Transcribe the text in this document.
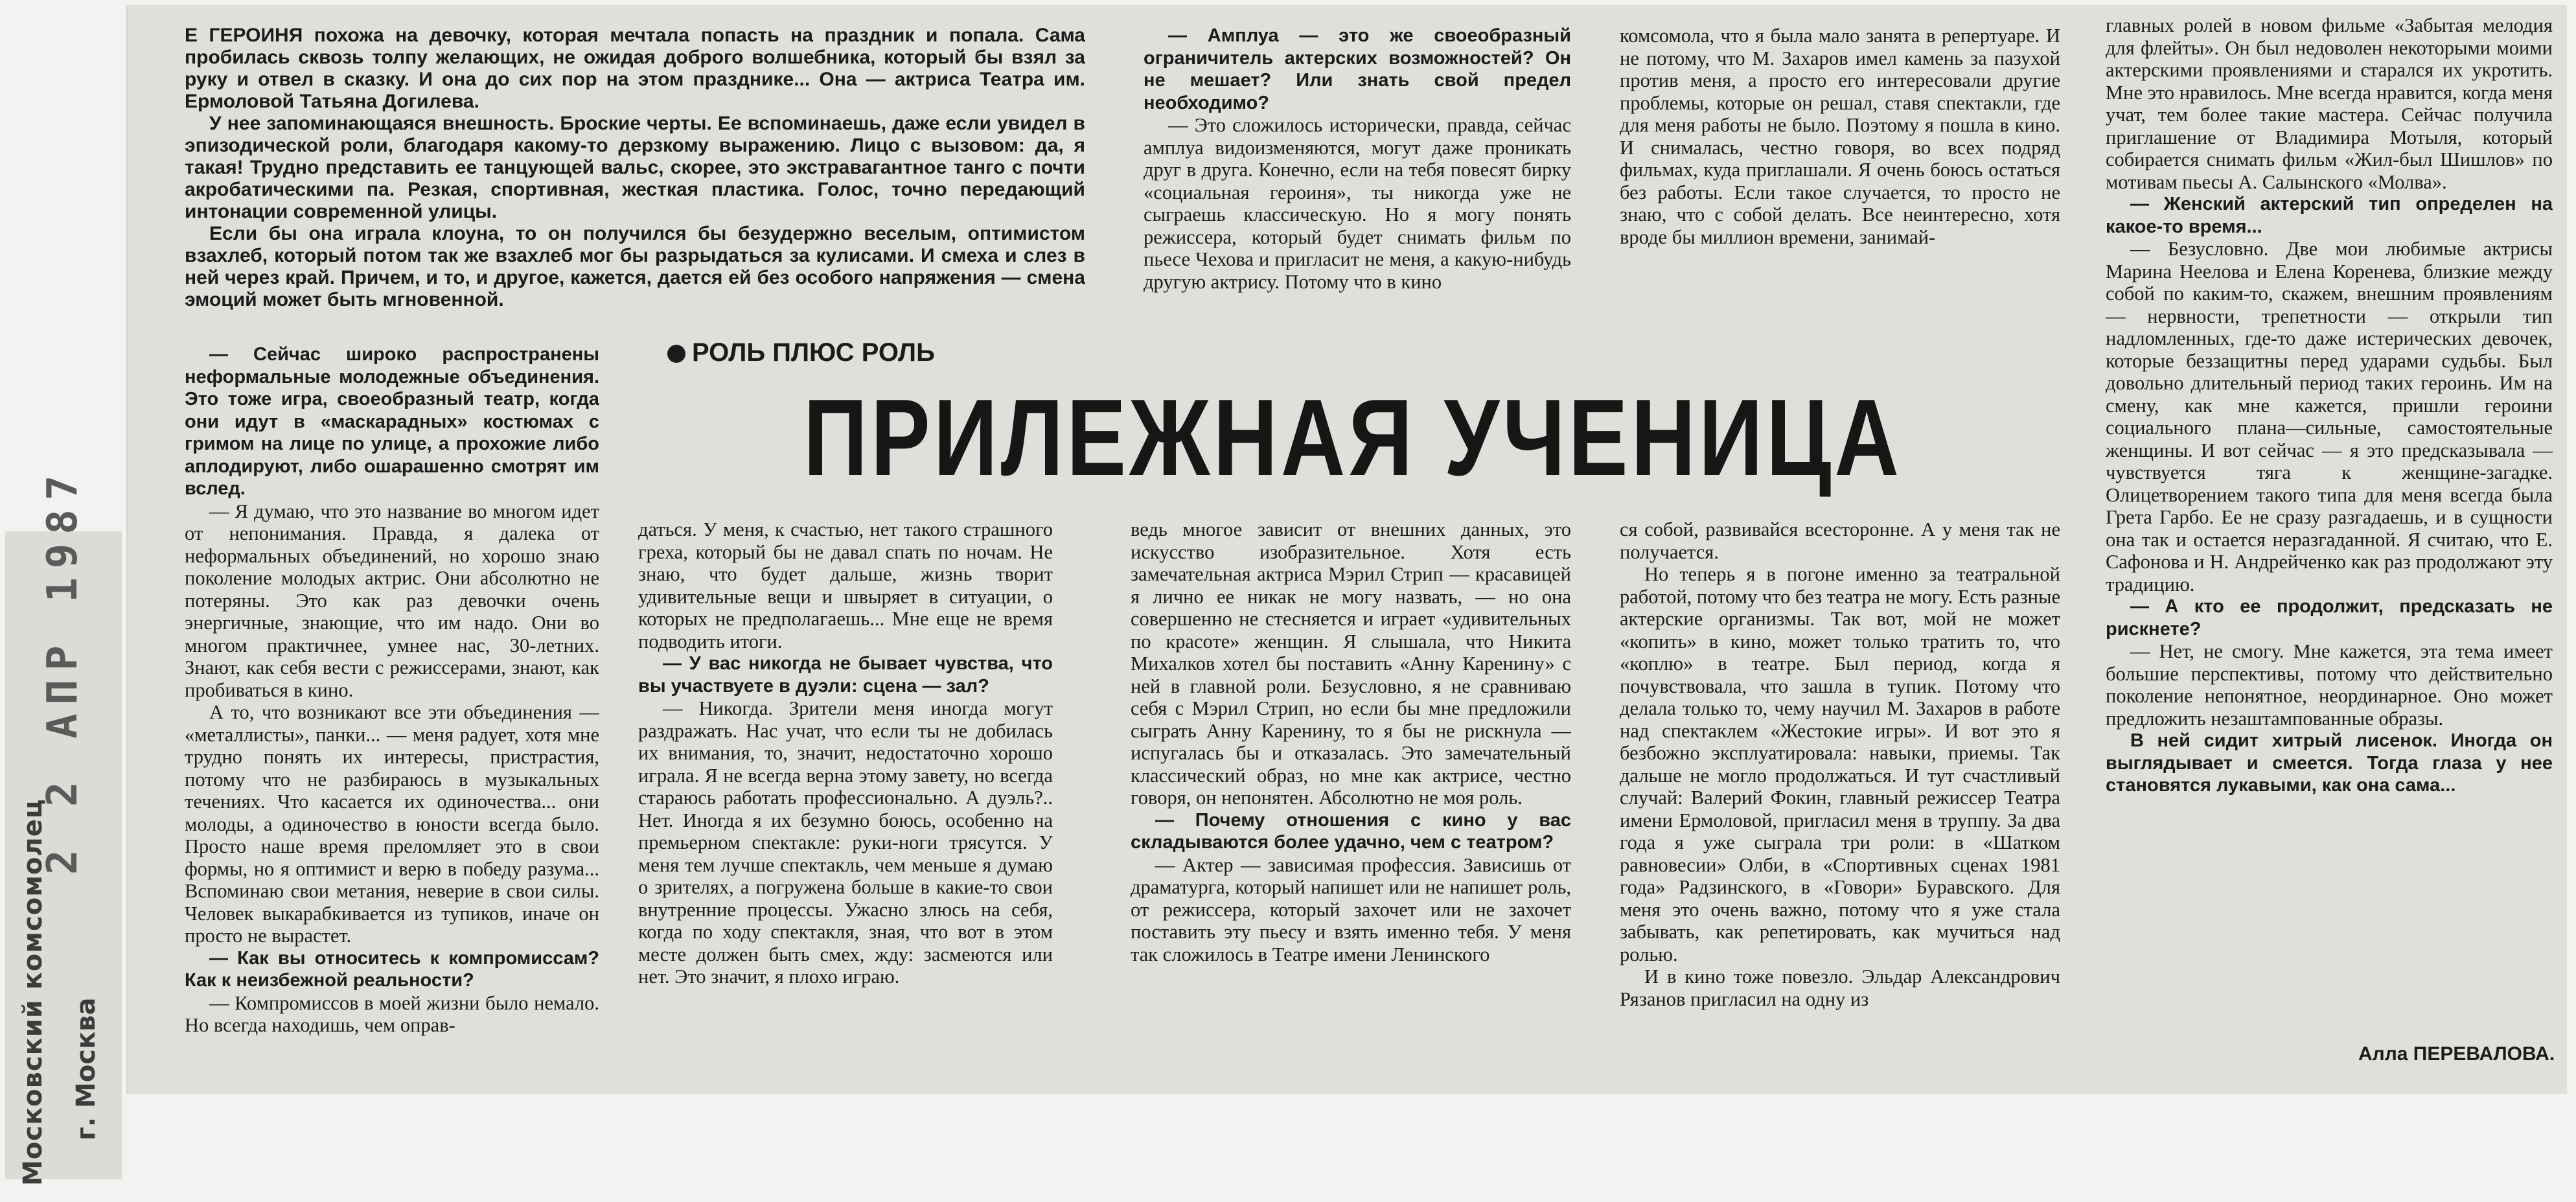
2 2 АПР 1987
Московский комсомолец г. Москва

Е ГЕРОИНЯ похожа на девочку, которая мечтала попасть на праздник и попала. Сама пробилась сквозь толпу желающих, не ожидая доброго волшебника, который бы взял за руку и отвел в сказку. И она до сих пор на этом празднике... Она — актриса Театра им. Ермоловой Татьяна Догилева.

У нее запоминающаяся внешность. Броские черты. Ее вспоминаешь, даже если увидел в эпизодической роли, благодаря какому-то дерзкому выражению. Лицо с вызовом: да, я такая! Трудно представить ее танцующей вальс, скорее, это экстравагантное танго с почти акробатическими па. Резкая, спортивная, жесткая пластика. Голос, точно передающий интонации современной улицы.

Если бы она играла клоуна, то он получился бы безудержно веселым, оптимистом взахлеб, который потом так же взахлеб мог бы разрыдаться за кулисами. И смеха и слез в ней через край. Причем, и то, и другое, кажется, дается ей без особого напряжения — смена эмоций может быть мгновенной.

— Сейчас широко распространены неформальные молодежные объединения. Это тоже игра, своеобразный театр, когда они идут в «маскарадных» костюмах с гримом на лице по улице, а прохожие либо аплодируют, либо ошарашенно смотрят им вслед.

— Я думаю, что это название во многом идет от непонимания. Правда, я далека от неформальных объединений, но хорошо знаю поколение молодых актрис. Они абсолютно не потеряны. Это как раз девочки очень энергичные, знающие, что им надо. Они во многом практичнее, умнее нас, 30-летних. Знают, как себя вести с режиссерами, знают, как пробиваться в кино.

А то, что возникают все эти объединения — «металлисты», панки... — меня радует, хотя мне трудно понять их интересы, пристрастия, потому что не разбираюсь в музыкальных течениях. Что касается их одиночества... они молоды, а одиночество в юности всегда было. Просто наше время преломляет это в свои формы, но я оптимист и верю в победу разума... Вспоминаю свои метания, неверие в свои силы. Человек выкарабкивается из тупиков, иначе он просто не вырастет.

— Как вы относитесь к компромиссам? Как к неизбежной реальности?

— Компромиссов в моей жизни было немало. Но всегда находишь, чем оправ-

РОЛЬ ПЛЮС РОЛЬ
ПРИЛЕЖНАЯ УЧЕНИЦА

даться. У меня, к счастью, нет такого страшного греха, который бы не давал спать по ночам. Не знаю, что будет дальше, жизнь творит удивительные вещи и швыряет в ситуации, о которых не предполагаешь... Мне еще не время подводить итоги.

— У вас никогда не бывает чувства, что вы участвуете в дуэли: сцена — зал?

— Никогда. Зрители меня иногда могут раздражать. Нас учат, что если ты не добилась их внимания, то, значит, недостаточно хорошо играла. Я не всегда верна этому завету, но всегда стараюсь работать профессионально. А дуэль?.. Нет. Иногда я их безумно боюсь, особенно на премьерном спектакле: руки-ноги трясутся. У меня тем лучше спектакль, чем меньше я думаю о зрителях, а погружена больше в какие-то свои внутренние процессы. Ужасно злюсь на себя, когда по ходу спектакля, зная, что вот в этом месте должен быть смех, жду: засмеются или нет. Это значит, я плохо играю.

— Амплуа — это же своеобразный ограничитель актерских возможностей? Он не мешает? Или знать свой предел необходимо?

— Это сложилось исторически, правда, сейчас амплуа видоизменяются, могут даже проникать друг в друга. Конечно, если на тебя повесят бирку «социальная героиня», ты никогда уже не сыграешь классическую. Но я могу понять режиссера, который будет снимать фильм по пьесе Чехова и пригласит не меня, а какую-нибудь другую актрису. Потому что в кино

ведь многое зависит от внешних данных, это искусство изобразительное. Хотя есть замечательная актриса Мэрил Стрип — красавицей я лично ее никак не могу назвать, — но она совершенно не стесняется и играет «удивительных по красоте» женщин. Я слышала, что Никита Михалков хотел бы поставить «Анну Каренину» с ней в главной роли. Безусловно, я не сравниваю себя с Мэрил Стрип, но если бы мне предложили сыграть Анну Каренину, то я бы не рискнула — испугалась бы и отказалась. Это замечательный классический образ, но мне как актрисе, честно говоря, он непонятен. Абсолютно не моя роль.

— Почему отношения с кино у вас складываются более удачно, чем с театром?

— Актер — зависимая профессия. Зависишь от драматурга, который напишет или не напишет роль, от режиссера, который захочет или не захочет поставить эту пьесу и взять именно тебя. У меня так сложилось в Театре имени Ленинского

комсомола, что я была мало занята в репертуаре. И не потому, что М. Захаров имел камень за пазухой против меня, а просто его интересовали другие проблемы, которые он решал, ставя спектакли, где для меня работы не было. Поэтому я пошла в кино. И снималась, честно говоря, во всех подряд фильмах, куда приглашали. Я очень боюсь остаться без работы. Если такое случается, то просто не знаю, что с собой делать. Все неинтересно, хотя вроде бы миллион времени, занимай-

ся собой, развивайся всесторонне. А у меня так не получается.

Но теперь я в погоне именно за театральной работой, потому что без театра не могу. Есть разные актерские организмы. Так вот, мой не может «копить» в кино, может только тратить то, что «коплю» в театре. Был период, когда я почувствовала, что зашла в тупик. Потому что делала только то, чему научил М. Захаров в работе над спектаклем «Жестокие игры». И вот это я безбожно эксплуатировала: навыки, приемы. Так дальше не могло продолжаться. И тут счастливый случай: Валерий Фокин, главный режиссер Театра имени Ермоловой, пригласил меня в труппу. За два года я уже сыграла три роли: в «Шатком равновесии» Олби, в «Спортивных сценах 1981 года» Радзинского, в «Говори» Буравского. Для меня это очень важно, потому что я уже стала забывать, как репетировать, как мучиться над ролью.

И в кино тоже повезло. Эльдар Александрович Рязанов пригласил на одну из

главных ролей в новом фильме «Забытая мелодия для флейты». Он был недоволен некоторыми моими актерскими проявлениями и старался их укротить. Мне это нравилось. Мне всегда нравится, когда меня учат, тем более такие мастера. Сейчас получила приглашение от Владимира Мотыля, который собирается снимать фильм «Жил-был Шишлов» по мотивам пьесы А. Салынского «Молва».

— Женский актерский тип определен на какое-то время...

— Безусловно. Две мои любимые актрисы Марина Неелова и Елена Коренева, близкие между собой по каким-то, скажем, внешним проявлениям — нервности, трепетности — открыли тип надломленных, где-то даже истерических девочек, которые беззащитны перед ударами судьбы. Был довольно длительный период таких героинь. Им на смену, как мне кажется, пришли героини социального плана—сильные, самостоятельные женщины. И вот сейчас — я это предсказывала — чувствуется тяга к женщине-загадке. Олицетворением такого типа для меня всегда была Грета Гарбо. Ее не сразу разгадаешь, и в сущности она так и остается неразгаданной. Я считаю, что Е. Сафонова и Н. Андрейченко как раз продолжают эту традицию.

— А кто ее продолжит, предсказать не рискнете?

— Нет, не смогу. Мне кажется, эта тема имеет большие перспективы, потому что действительно поколение непонятное, неординарное. Оно может предложить незаштампованные образы.

В ней сидит хитрый лисенок. Иногда он выглядывает и смеется. Тогда глаза у нее становятся лукавыми, как она сама...

Алла ПЕРЕВАЛОВА.
